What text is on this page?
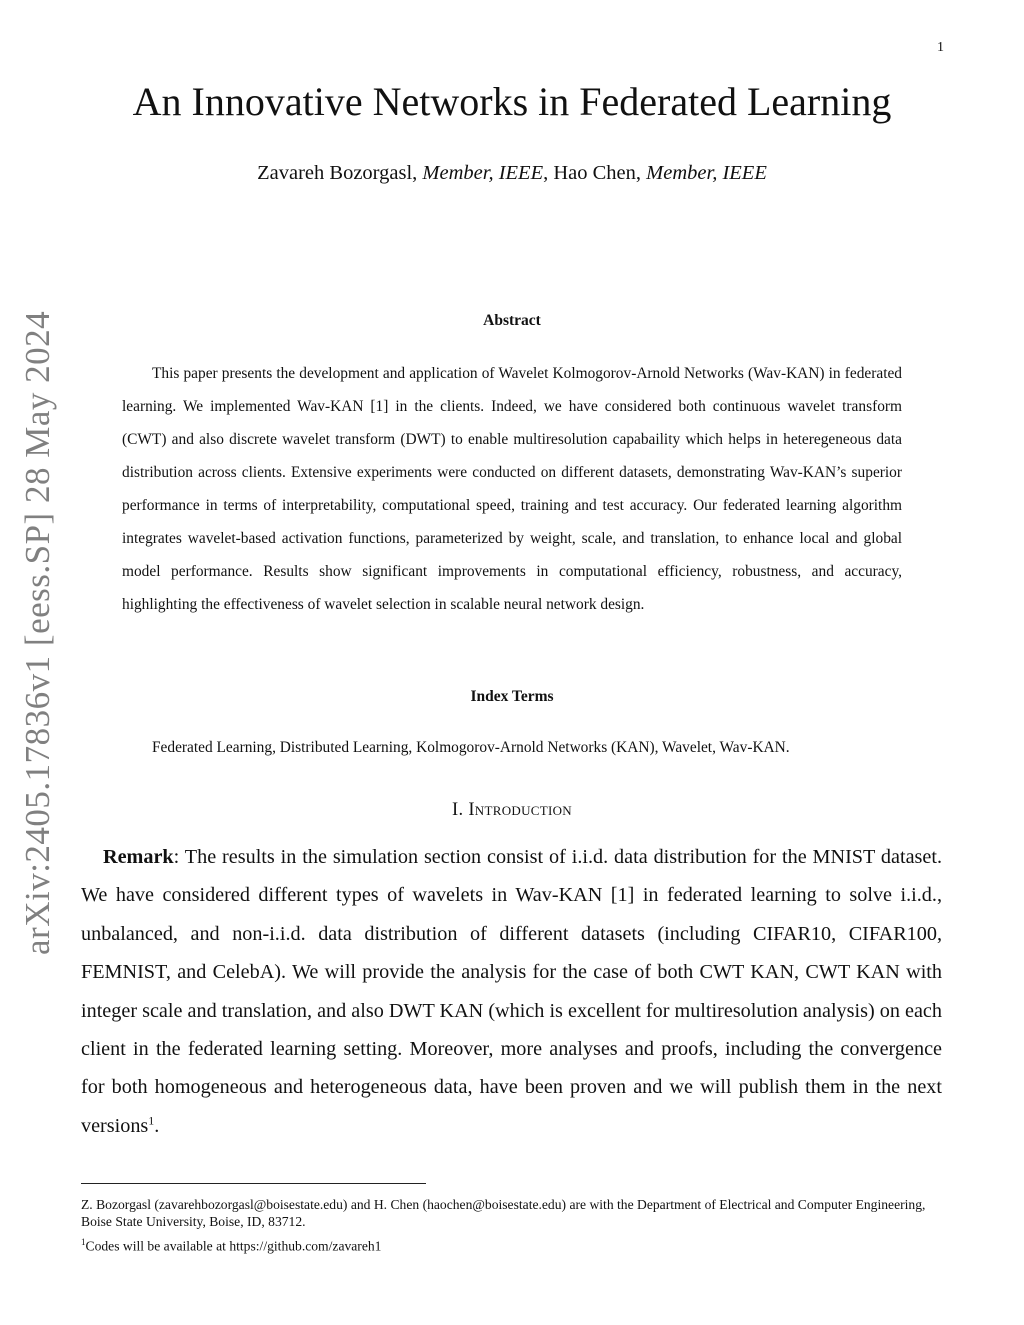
1
arXiv:2405.17836v1 [eess.SP] 28 May 2024
An Innovative Networks in Federated Learning
Zavareh Bozorgasl, Member, IEEE, Hao Chen, Member, IEEE
Abstract

This paper presents the development and application of Wavelet Kolmogorov-Arnold Networks (Wav-KAN) in federated learning. We implemented Wav-KAN [1] in the clients. Indeed, we have considered both continuous wavelet transform (CWT) and also discrete wavelet transform (DWT) to enable multiresolution capabaility which helps in heteregeneous data distribution across clients. Extensive experiments were conducted on different datasets, demonstrating Wav-KAN’s superior performance in terms of interpretability, computational speed, training and test accuracy. Our federated learning algorithm integrates wavelet-based activation functions, parameterized by weight, scale, and translation, to enhance local and global model performance. Results show significant improvements in computational efficiency, robustness, and accuracy, highlighting the effectiveness of wavelet selection in scalable neural network design.

Index Terms
Federated Learning, Distributed Learning, Kolmogorov-Arnold Networks (KAN), Wavelet, Wav-KAN.
I. Introduction

Remark: The results in the simulation section consist of i.i.d. data distribution for the MNIST dataset. We have considered different types of wavelets in Wav-KAN [1] in federated learning to solve i.i.d., unbalanced, and non-i.i.d. data distribution of different datasets (including CIFAR10, CIFAR100, FEMNIST, and CelebA). We will provide the analysis for the case of both CWT KAN, CWT KAN with integer scale and translation, and also DWT KAN (which is excellent for multiresolution analysis) on each client in the federated learning setting. Moreover, more analyses and proofs, including the convergence for both homogeneous and heterogeneous data, have been proven and we will publish them in the next versions$^1$.

Z. Bozorgasl (zavarehbozorgasl@boisestate.edu) and H. Chen (haochen@boisestate.edu) are with the Department of Electrical and Computer Engineering, Boise State University, Boise, ID, 83712.

$^1$Codes will be available at https://github.com/zavareh1
